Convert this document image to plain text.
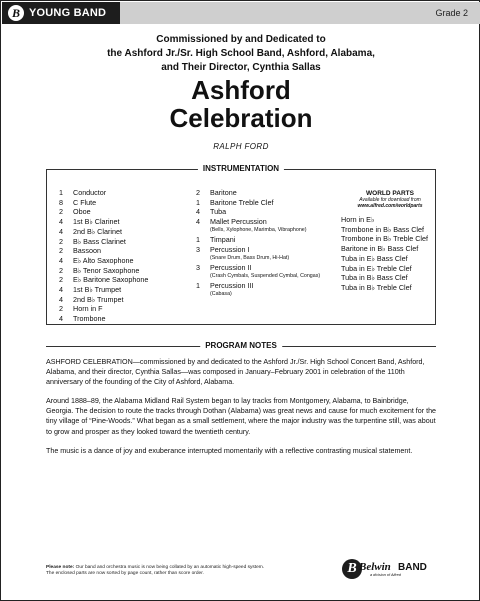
B YOUNG BAND	Grade 2
Commissioned by and Dedicated to
the Ashford Jr./Sr. High School Band, Ashford, Alabama,
and Their Director, Cynthia Sallas
Ashford
Celebration
RALPH FORD
INSTRUMENTATION
1	Conductor
8	C Flute
2	Oboe
4	1st B♭ Clarinet
4	2nd B♭ Clarinet
2	B♭ Bass Clarinet
2	Bassoon
4	E♭ Alto Saxophone
2	B♭ Tenor Saxophone
2	E♭ Baritone Saxophone
4	1st B♭ Trumpet
4	2nd B♭ Trumpet
2	Horn in F
4	Trombone
2	Baritone
1	Baritone Treble Clef
4	Tuba
4	Mallet Percussion
(Bells, Xylophone, Marimba, Vibraphone)
1	Timpani
3	Percussion I
(Snare Drum, Bass Drum, Hi-Hat)
3	Percussion II
(Crash Cymbals, Suspended Cymbal, Congas)
1	Percussion III
(Cabasa)
WORLD PARTS
Available for download from
www.alfred.com/worldparts
Horn in E♭
Trombone in B♭ Bass Clef
Trombone in B♭ Treble Clef
Baritone in B♭ Bass Clef
Tuba in E♭ Bass Clef
Tuba in E♭ Treble Clef
Tuba in B♭ Bass Clef
Tuba in B♭ Treble Clef
PROGRAM NOTES

ASHFORD CELEBRATION—commissioned by and dedicated to the Ashford Jr./Sr. High School Concert Band, Ashford, Alabama, and their director, Cynthia Sallas—was composed in January–February 2001 in celebration of the 110th anniversary of the founding of the City of Ashford, Alabama.

Around 1888–89, the Alabama Midland Rail System began to lay tracks from Montgomery, Alabama, to Bainbridge, Georgia. The decision to route the tracks through Dothan (Alabama) was great news and cause for much excitement for the tiny village of “Pine-Woods.” What began as a small settlement, where the major industry was the turpentine still, was about to grow and prosper as they looked toward the twentieth century.

The music is a dance of joy and exuberance interrupted momentarily with a reflective contrasting musical statement.

Please note: Our band and orchestra music is now being collated by an automatic high-speed system.
The enclosed parts are now sorted by page count, rather than score order.	B Belwin BAND
a division of Alfred
